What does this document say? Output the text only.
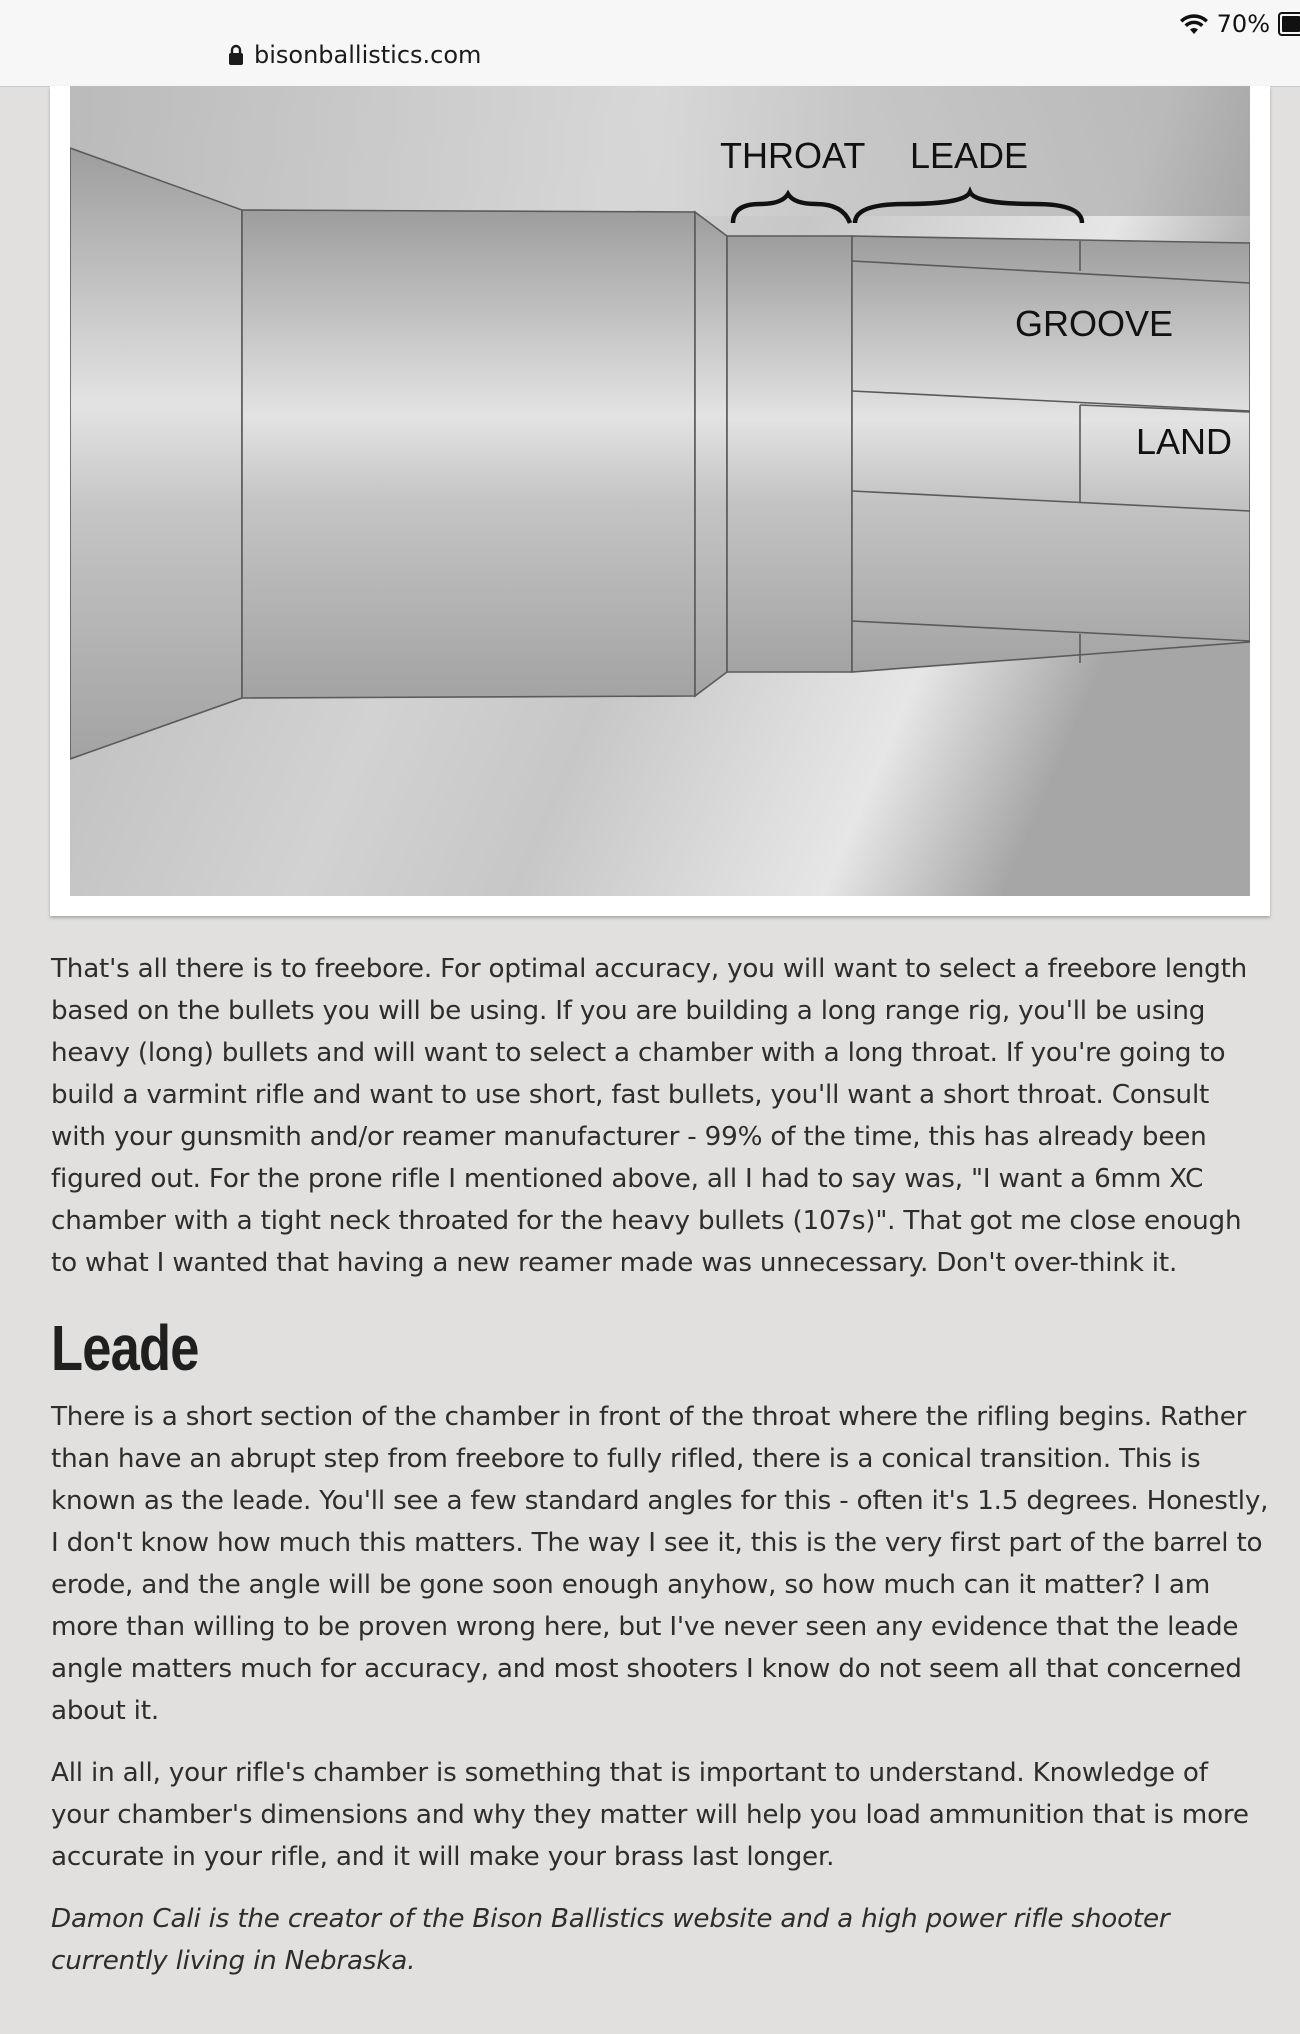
70%
bisonballistics.com
THROAT LEADE
GROOVE
LAND

That's all there is to freebore. For optimal accuracy, you will want to select a freebore length based on the bullets you will be using. If you are building a long range rig, you'll be using heavy (long) bullets and will want to select a chamber with a long throat. If you're going to build a varmint rifle and want to use short, fast bullets, you'll want a short throat. Consult with your gunsmith and/or reamer manufacturer - 99% of the time, this has already been figured out. For the prone rifle I mentioned above, all I had to say was, "I want a 6mm XC chamber with a tight neck throated for the heavy bullets (107s)". That got me close enough to what I wanted that having a new reamer made was unnecessary. Don't over-think it.

Leade

There is a short section of the chamber in front of the throat where the rifling begins. Rather than have an abrupt step from freebore to fully rifled, there is a conical transition. This is known as the leade. You'll see a few standard angles for this - often it's 1.5 degrees. Honestly, I don't know how much this matters. The way I see it, this is the very first part of the barrel to erode, and the angle will be gone soon enough anyhow, so how much can it matter? I am more than willing to be proven wrong here, but I've never seen any evidence that the leade angle matters much for accuracy, and most shooters I know do not seem all that concerned about it.

All in all, your rifle's chamber is something that is important to understand. Knowledge of your chamber's dimensions and why they matter will help you load ammunition that is more accurate in your rifle, and it will make your brass last longer.

Damon Cali is the creator of the Bison Ballistics website and a high power rifle shooter currently living in Nebraska.
